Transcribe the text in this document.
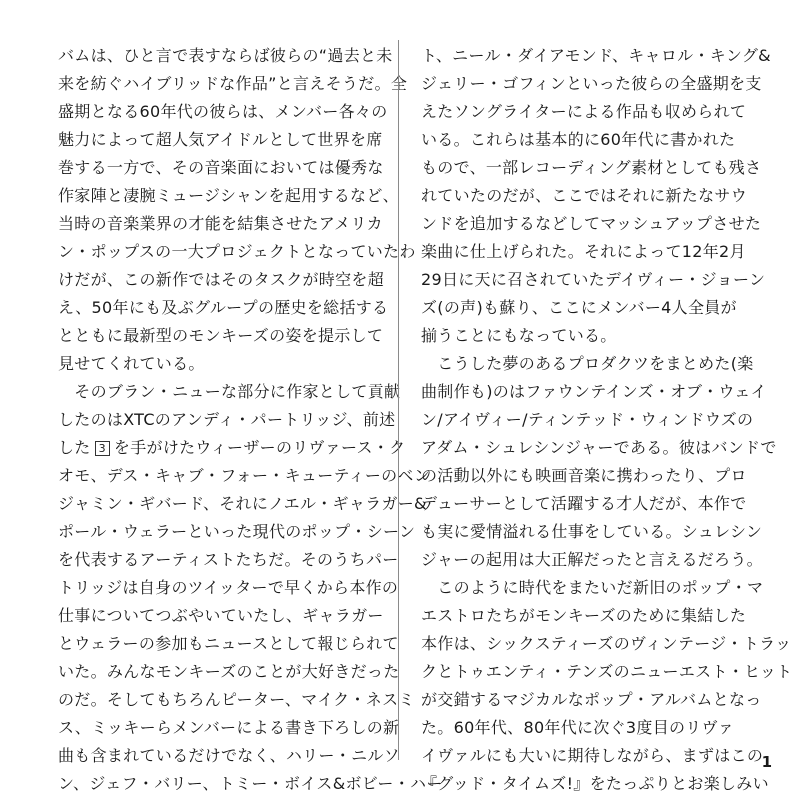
バムは、ひと言で表すならば彼らの“過去と未
来を紡ぐハイブリッドな作品”と言えそうだ。全
盛期となる60年代の彼らは、メンバー各々の
魅力によって超人気アイドルとして世界を席
巻する一方で、その音楽面においては優秀な
作家陣と凄腕ミュージシャンを起用するなど、
当時の音楽業界の才能を結集させたアメリカ
ン・ポップスの一大プロジェクトとなっていたわ
けだが、この新作ではそのタスクが時空を超
え、50年にも及ぶグループの歴史を総括する
とともに最新型のモンキーズの姿を提示して
見せてくれている。
　そのブラン・ニューな部分に作家として貢献
したのはXTCのアンディ・パートリッジ、前述
した 3 を手がけたウィーザーのリヴァース・ク
オモ、デス・キャブ・フォー・キューティーのベン
ジャミン・ギバード、それにノエル・ギャラガー&
ポール・ウェラーといった現代のポップ・シーン
を代表するアーティストたちだ。そのうちパー
トリッジは自身のツイッターで早くから本作の
仕事についてつぶやいていたし、ギャラガー
とウェラーの参加もニュースとして報じられて
いた。みんなモンキーズのことが大好きだった
のだ。そしてもちろんピーター、マイク・ネスミ
ス、ミッキーらメンバーによる書き下ろしの新
曲も含まれているだけでなく、ハリー・ニルソ
ン、ジェフ・バリー、トミー・ボイス&ボビー・ハー
ト、ニール・ダイアモンド、キャロル・キング&
ジェリー・ゴフィンといった彼らの全盛期を支
えたソングライターによる作品も収められて
いる。これらは基本的に60年代に書かれた
もので、一部レコーディング素材としても残さ
れていたのだが、ここではそれに新たなサウ
ンドを追加するなどしてマッシュアップさせた
楽曲に仕上げられた。それによって12年2月
29日に天に召されていたデイヴィー・ジョーン
ズ(の声)も蘇り、ここにメンバー4人全員が
揃うことにもなっている。
　こうした夢のあるプロダクツをまとめた(楽
曲制作も)のはファウンテインズ・オブ・ウェイ
ン/アイヴィー/ティンテッド・ウィンドウズの
アダム・シュレシンジャーである。彼はバンドで
の活動以外にも映画音楽に携わったり、プロ
デューサーとして活躍する才人だが、本作で
も実に愛情溢れる仕事をしている。シュレシン
ジャーの起用は大正解だったと言えるだろう。
　このように時代をまたいだ新旧のポップ・マ
エストロたちがモンキーズのために集結した
本作は、シックスティーズのヴィンテージ・トラッ
クとトゥエンティ・テンズのニューエスト・ヒット
が交錯するマジカルなポップ・アルバムとなっ
た。60年代、80年代に次ぐ3度目のリヴァ
イヴァルにも大いに期待しながら、まずはこの
『グッド・タイムズ!』をたっぷりとお楽しみい
1
